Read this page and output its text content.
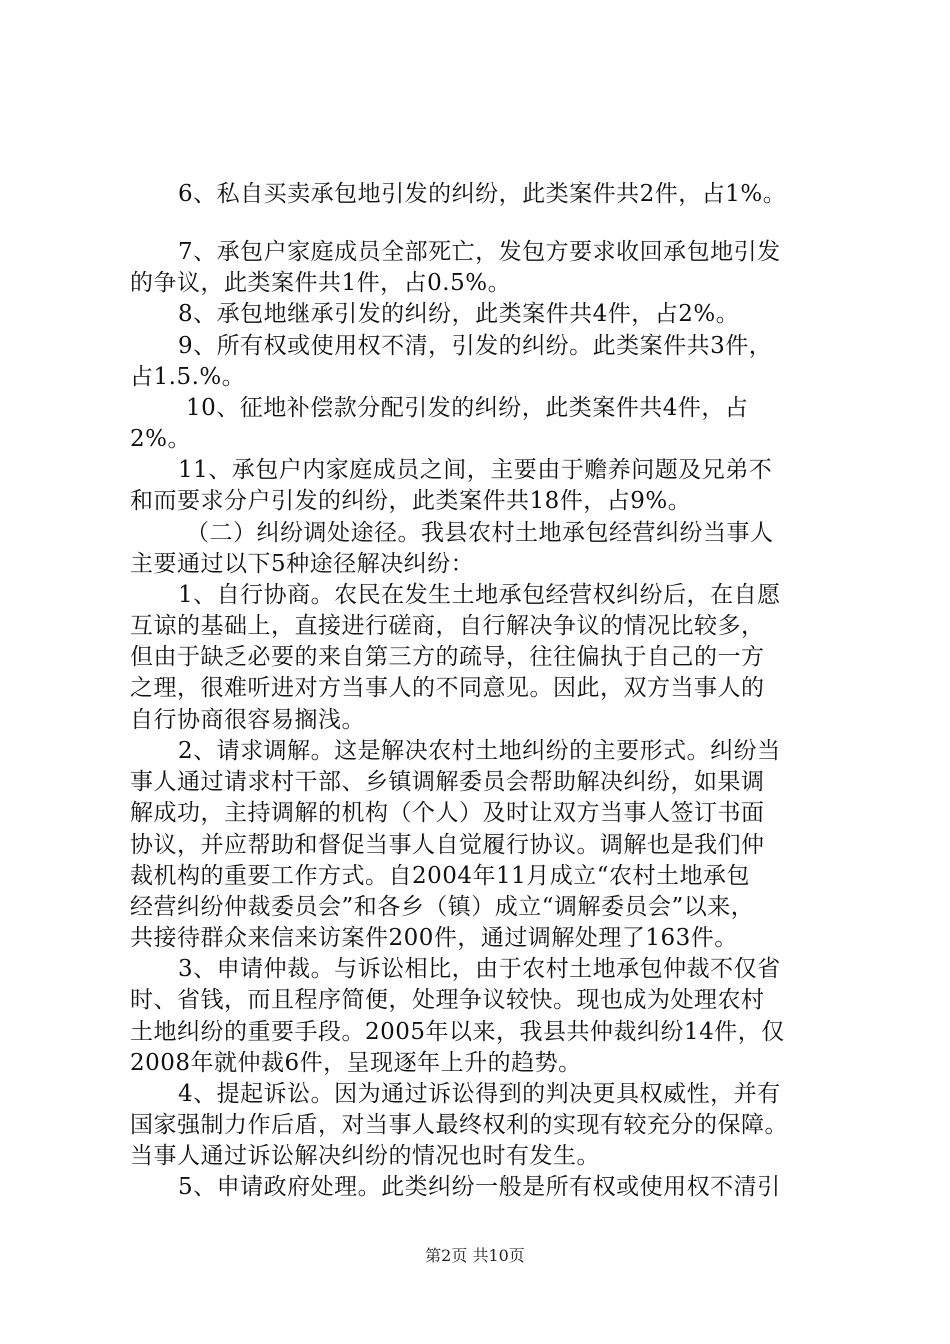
6、私自买卖承包地引发的纠纷，此类案件共2件，占1%。
7、承包户家庭成员全部死亡，发包方要求收回承包地引发
的争议，此类案件共1件，占0.5%。
8、承包地继承引发的纠纷，此类案件共4件，占2%。
9、所有权或使用权不清，引发的纠纷。此类案件共3件，
占1.5.%。
10、征地补偿款分配引发的纠纷，此类案件共4件，占
2%。
11、承包户内家庭成员之间，主要由于赡养问题及兄弟不
和而要求分户引发的纠纷，此类案件共18件，占9%。
（二）纠纷调处途径。我县农村土地承包经营纠纷当事人
主要通过以下5种途径解决纠纷：
1、自行协商。农民在发生土地承包经营权纠纷后，在自愿
互谅的基础上，直接进行磋商，自行解决争议的情况比较多，
但由于缺乏必要的来自第三方的疏导，往往偏执于自己的一方
之理，很难听进对方当事人的不同意见。因此，双方当事人的
自行协商很容易搁浅。
2、请求调解。这是解决农村土地纠纷的主要形式。纠纷当
事人通过请求村干部、乡镇调解委员会帮助解决纠纷，如果调
解成功，主持调解的机构（个人）及时让双方当事人签订书面
协议，并应帮助和督促当事人自觉履行协议。调解也是我们仲
裁机构的重要工作方式。自2004年11月成立“农村土地承包
经营纠纷仲裁委员会”和各乡（镇）成立“调解委员会”以来，
共接待群众来信来访案件200件，通过调解处理了163件。
3、申请仲裁。与诉讼相比，由于农村土地承包仲裁不仅省
时、省钱，而且程序简便，处理争议较快。现也成为处理农村
土地纠纷的重要手段。2005年以来，我县共仲裁纠纷14件，仅
2008年就仲裁6件，呈现逐年上升的趋势。
4、提起诉讼。因为通过诉讼得到的判决更具权威性，并有
国家强制力作后盾，对当事人最终权利的实现有较充分的保障。
当事人通过诉讼解决纠纷的情况也时有发生。
5、申请政府处理。此类纠纷一般是所有权或使用权不清引
第2页 共10页
